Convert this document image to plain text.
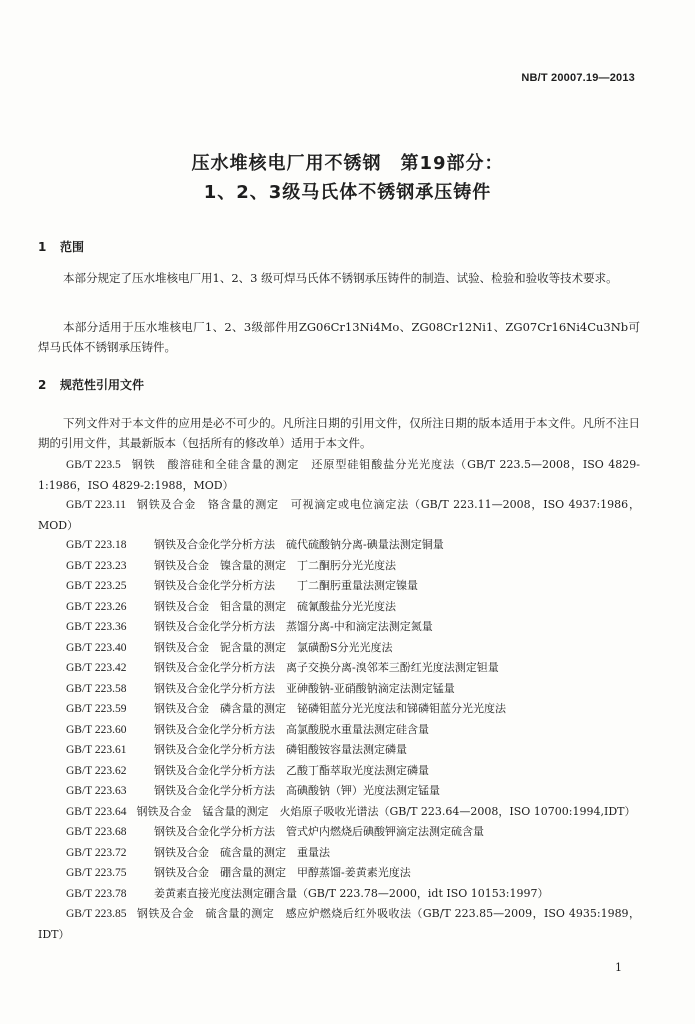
NB/T 20007.19—2013
压水堆核电厂用不锈钢　第19部分：
1、2、3级马氏体不锈钢承压铸件
1 范围

本部分规定了压水堆核电厂用1、2、3 级可焊马氏体不锈钢承压铸件的制造、试验、检验和验收等技术要求。

本部分适用于压水堆核电厂1、2、3级部件用ZG06Cr13Ni4Mo、ZG08Cr12Ni1、ZG07Cr16Ni4Cu3Nb可焊马氏体不锈钢承压铸件。

2 规范性引用文件

下列文件对于本文件的应用是必不可少的。凡所注日期的引用文件，仅所注日期的版本适用于本文件。凡所不注日期的引用文件，其最新版本（包括所有的修改单）适用于本文件。

GB/T 223.5 钢铁　酸溶硅和全硅含量的测定　还原型硅钼酸盐分光光度法（GB/T 223.5—2008，ISO 4829-1:1986，ISO 4829-2:1988，MOD）
GB/T 223.11 钢铁及合金　铬含量的测定　可视滴定或电位滴定法（GB/T 223.11—2008，ISO 4937:1986，MOD）
GB/T 223.18	钢铁及合金化学分析方法　硫代硫酸钠分离-碘量法测定铜量
GB/T 223.23	钢铁及合金　镍含量的测定　丁二酮肟分光光度法
GB/T 223.25	钢铁及合金化学分析方法　　丁二酮肟重量法测定镍量
GB/T 223.26	钢铁及合金　钼含量的测定　硫氰酸盐分光光度法
GB/T 223.36	钢铁及合金化学分析方法　蒸馏分离-中和滴定法测定氮量
GB/T 223.40	钢铁及合金　铌含量的测定　氯磺酚S分光光度法
GB/T 223.42	钢铁及合金化学分析方法　离子交换分离-溴邻苯三酚红光度法测定钽量
GB/T 223.58	钢铁及合金化学分析方法　亚砷酸钠-亚硝酸钠滴定法测定锰量
GB/T 223.59	钢铁及合金　磷含量的测定　铋磷钼蓝分光光度法和锑磷钼蓝分光光度法
GB/T 223.60	钢铁及合金化学分析方法　高氯酸脱水重量法测定硅含量
GB/T 223.61	钢铁及合金化学分析方法　磷钼酸铵容量法测定磷量
GB/T 223.62	钢铁及合金化学分析方法　乙酸丁酯萃取光度法测定磷量
GB/T 223.63	钢铁及合金化学分析方法　高碘酸钠（钾）光度法测定锰量
GB/T 223.64 钢铁及合金　锰含量的测定　火焰原子吸收光谱法（GB/T 223.64—2008，ISO 10700:1994,IDT）
GB/T 223.68	钢铁及合金化学分析方法　管式炉内燃烧后碘酸钾滴定法测定硫含量
GB/T 223.72	钢铁及合金　硫含量的测定　重量法
GB/T 223.75	钢铁及合金　硼含量的测定　甲醇蒸馏-姜黄素光度法
GB/T 223.78	姜黄素直接光度法测定硼含量（GB/T 223.78—2000，idt ISO 10153:1997）
GB/T 223.85 钢铁及合金　硫含量的测定　感应炉燃烧后红外吸收法（GB/T 223.85—2009，ISO 4935:1989，IDT）
1
